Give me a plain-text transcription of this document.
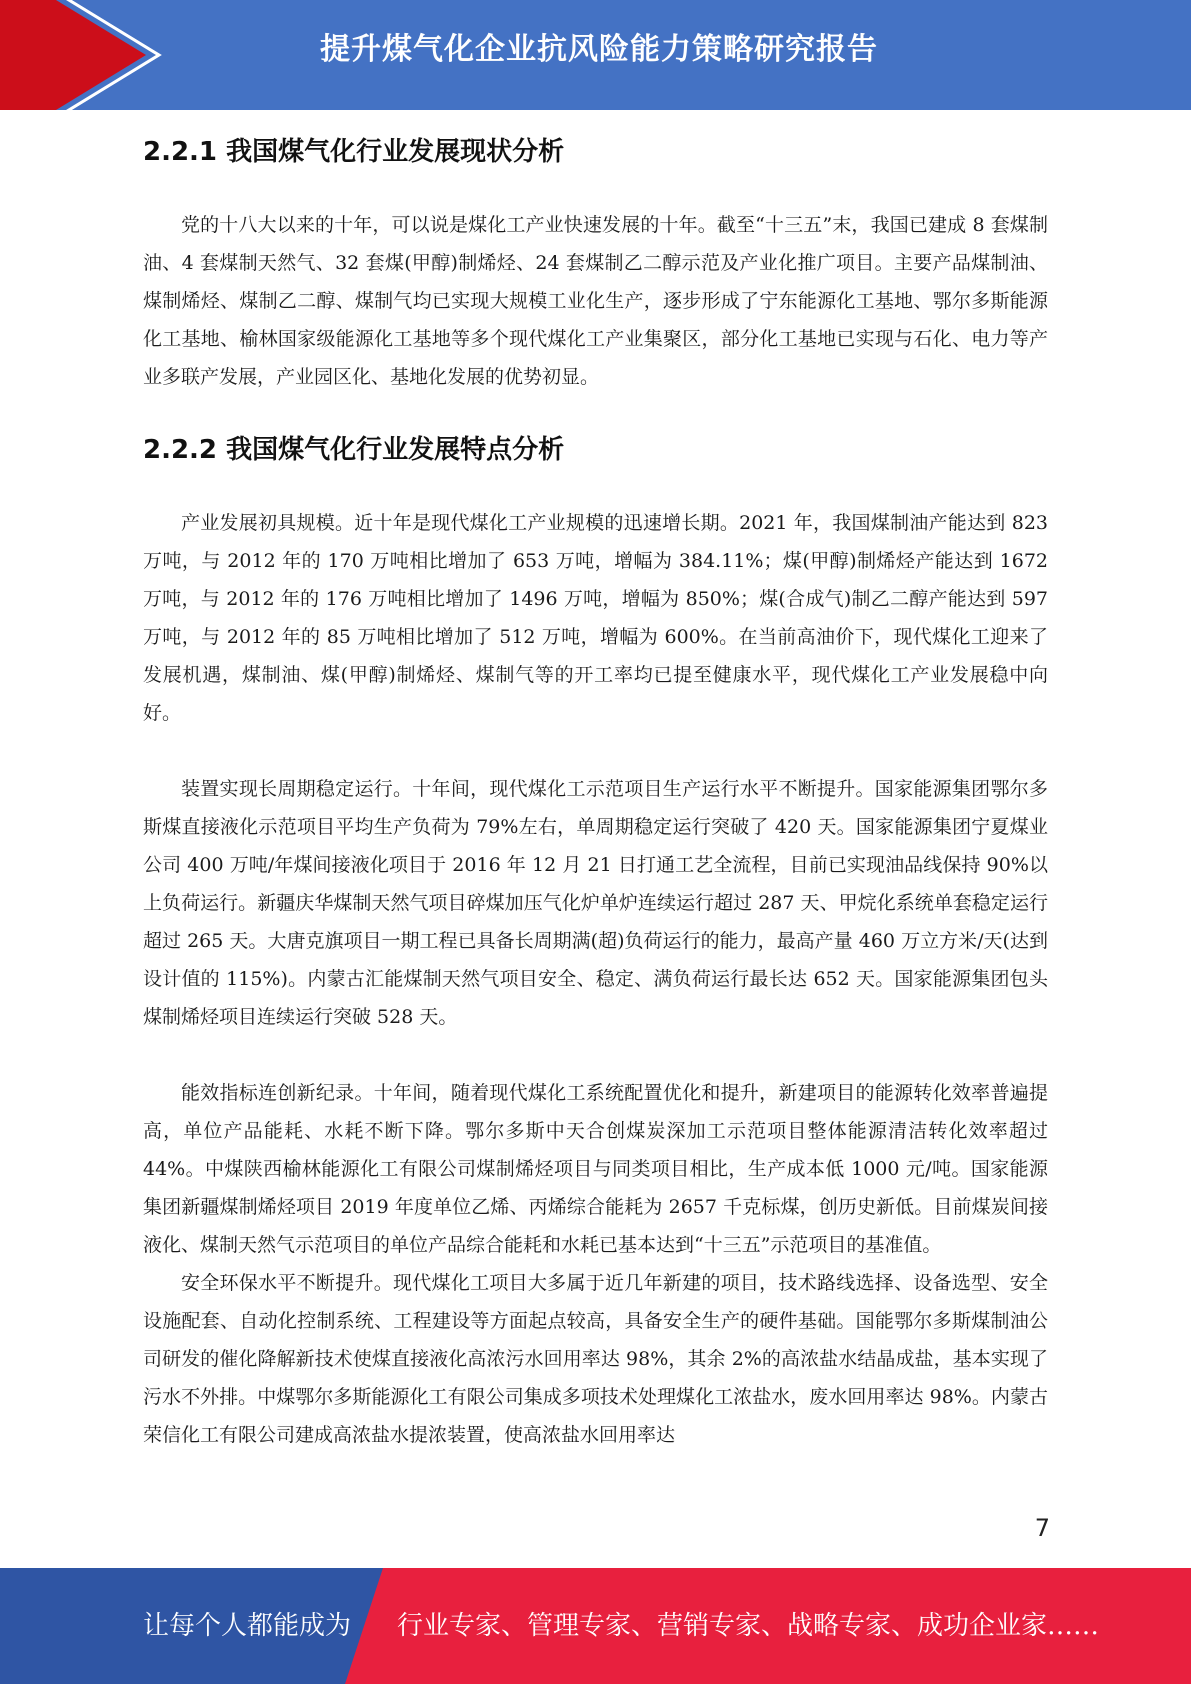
提升煤气化企业抗风险能力策略研究报告
2.2.1 我国煤气化行业发展现状分析

党的十八大以来的十年，可以说是煤化工产业快速发展的十年。截至“十三五”末，我国已建成 8 套煤制油、4 套煤制天然气、32 套煤(甲醇)制烯烃、24 套煤制乙二醇示范及产业化推广项目。主要产品煤制油、煤制烯烃、煤制乙二醇、煤制气均已实现大规模工业化生产，逐步形成了宁东能源化工基地、鄂尔多斯能源化工基地、榆林国家级能源化工基地等多个现代煤化工产业集聚区，部分化工基地已实现与石化、电力等产业多联产发展，产业园区化、基地化发展的优势初显。

2.2.2 我国煤气化行业发展特点分析

产业发展初具规模。近十年是现代煤化工产业规模的迅速增长期。2021 年，我国煤制油产能达到 823 万吨，与 2012 年的 170 万吨相比增加了 653 万吨，增幅为 384.11%；煤(甲醇)制烯烃产能达到 1672 万吨，与 2012 年的 176 万吨相比增加了 1496 万吨，增幅为 850%；煤(合成气)制乙二醇产能达到 597 万吨，与 2012 年的 85 万吨相比增加了 512 万吨，增幅为 600%。在当前高油价下，现代煤化工迎来了发展机遇，煤制油、煤(甲醇)制烯烃、煤制气等的开工率均已提至健康水平，现代煤化工产业发展稳中向好。

装置实现长周期稳定运行。十年间，现代煤化工示范项目生产运行水平不断提升。国家能源集团鄂尔多斯煤直接液化示范项目平均生产负荷为 79%左右，单周期稳定运行突破了 420 天。国家能源集团宁夏煤业公司 400 万吨/年煤间接液化项目于 2016 年 12 月 21 日打通工艺全流程，目前已实现油品线保持 90%以上负荷运行。新疆庆华煤制天然气项目碎煤加压气化炉单炉连续运行超过 287 天、甲烷化系统单套稳定运行超过 265 天。大唐克旗项目一期工程已具备长周期满(超)负荷运行的能力，最高产量 460 万立方米/天(达到设计值的 115%)。内蒙古汇能煤制天然气项目安全、稳定、满负荷运行最长达 652 天。国家能源集团包头煤制烯烃项目连续运行突破 528 天。

能效指标连创新纪录。十年间，随着现代煤化工系统配置优化和提升，新建项目的能源转化效率普遍提高，单位产品能耗、水耗不断下降。鄂尔多斯中天合创煤炭深加工示范项目整体能源清洁转化效率超过 44%。中煤陕西榆林能源化工有限公司煤制烯烃项目与同类项目相比，生产成本低 1000 元/吨。国家能源集团新疆煤制烯烃项目 2019 年度单位乙烯、丙烯综合能耗为 2657 千克标煤，创历史新低。目前煤炭间接液化、煤制天然气示范项目的单位产品综合能耗和水耗已基本达到“十三五”示范项目的基准值。

安全环保水平不断提升。现代煤化工项目大多属于近几年新建的项目，技术路线选择、设备选型、安全设施配套、自动化控制系统、工程建设等方面起点较高，具备安全生产的硬件基础。国能鄂尔多斯煤制油公司研发的催化降解新技术使煤直接液化高浓污水回用率达 98%，其余 2%的高浓盐水结晶成盐，基本实现了污水不外排。中煤鄂尔多斯能源化工有限公司集成多项技术处理煤化工浓盐水，废水回用率达 98%。内蒙古荣信化工有限公司建成高浓盐水提浓装置，使高浓盐水回用率达

7
让每个人都能成为 行业专家、管理专家、营销专家、战略专家、成功企业家……
